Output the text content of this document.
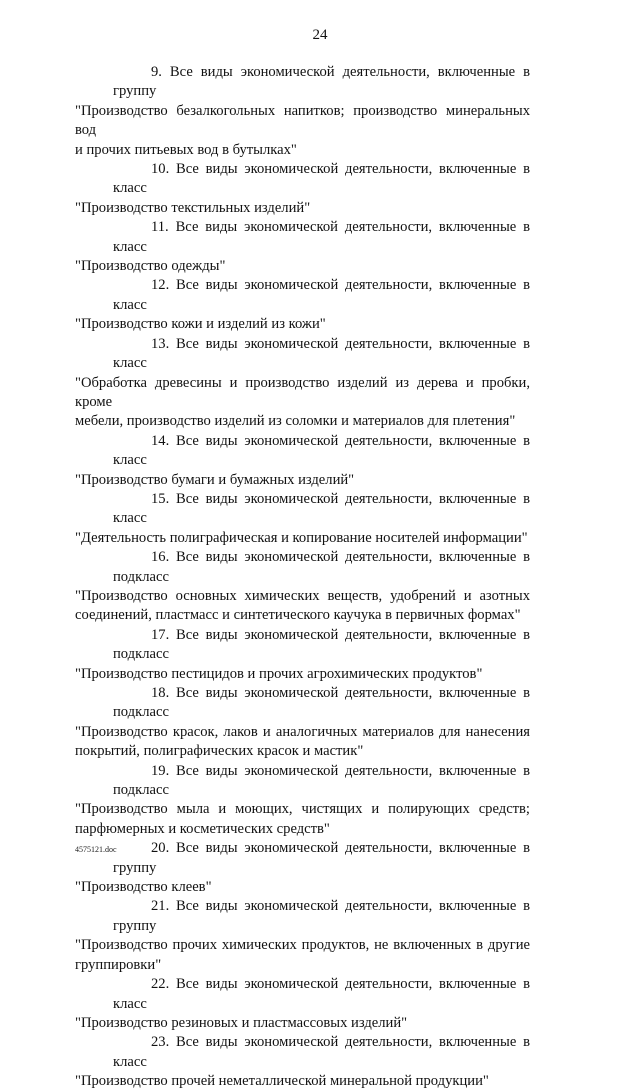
24
9. Все виды экономической деятельности, включенные в группу
"Производство безалкогольных напитков; производство минеральных вод
и прочих питьевых вод в бутылках"
10. Все виды экономической деятельности, включенные в класс
"Производство текстильных изделий"
11. Все виды экономической деятельности, включенные в класс
"Производство одежды"
12. Все виды экономической деятельности, включенные в класс
"Производство кожи и изделий из кожи"
13. Все виды экономической деятельности, включенные в класс
"Обработка древесины и производство изделий из дерева и пробки, кроме
мебели, производство изделий из соломки и материалов для плетения"
14. Все виды экономической деятельности, включенные в класс
"Производство бумаги и бумажных изделий"
15. Все виды экономической деятельности, включенные в класс
"Деятельность полиграфическая и копирование носителей информации"
16. Все виды экономической деятельности, включенные в подкласс
"Производство основных химических веществ, удобрений и азотных
соединений, пластмасс и синтетического каучука в первичных формах"
17. Все виды экономической деятельности, включенные в подкласс
"Производство пестицидов и прочих агрохимических продуктов"
18. Все виды экономической деятельности, включенные в подкласс
"Производство красок, лаков и аналогичных материалов для нанесения
покрытий, полиграфических красок и мастик"
19. Все виды экономической деятельности, включенные в подкласс
"Производство мыла и моющих, чистящих и полирующих средств;
парфюмерных и косметических средств"
20. Все виды экономической деятельности, включенные в группу
"Производство клеев"
21. Все виды экономической деятельности, включенные в группу
"Производство прочих химических продуктов, не включенных в другие
группировки"
22. Все виды экономической деятельности, включенные в класс
"Производство резиновых и пластмассовых изделий"
23. Все виды экономической деятельности, включенные в класс
"Производство прочей неметаллической минеральной продукции"
4575121.doc
